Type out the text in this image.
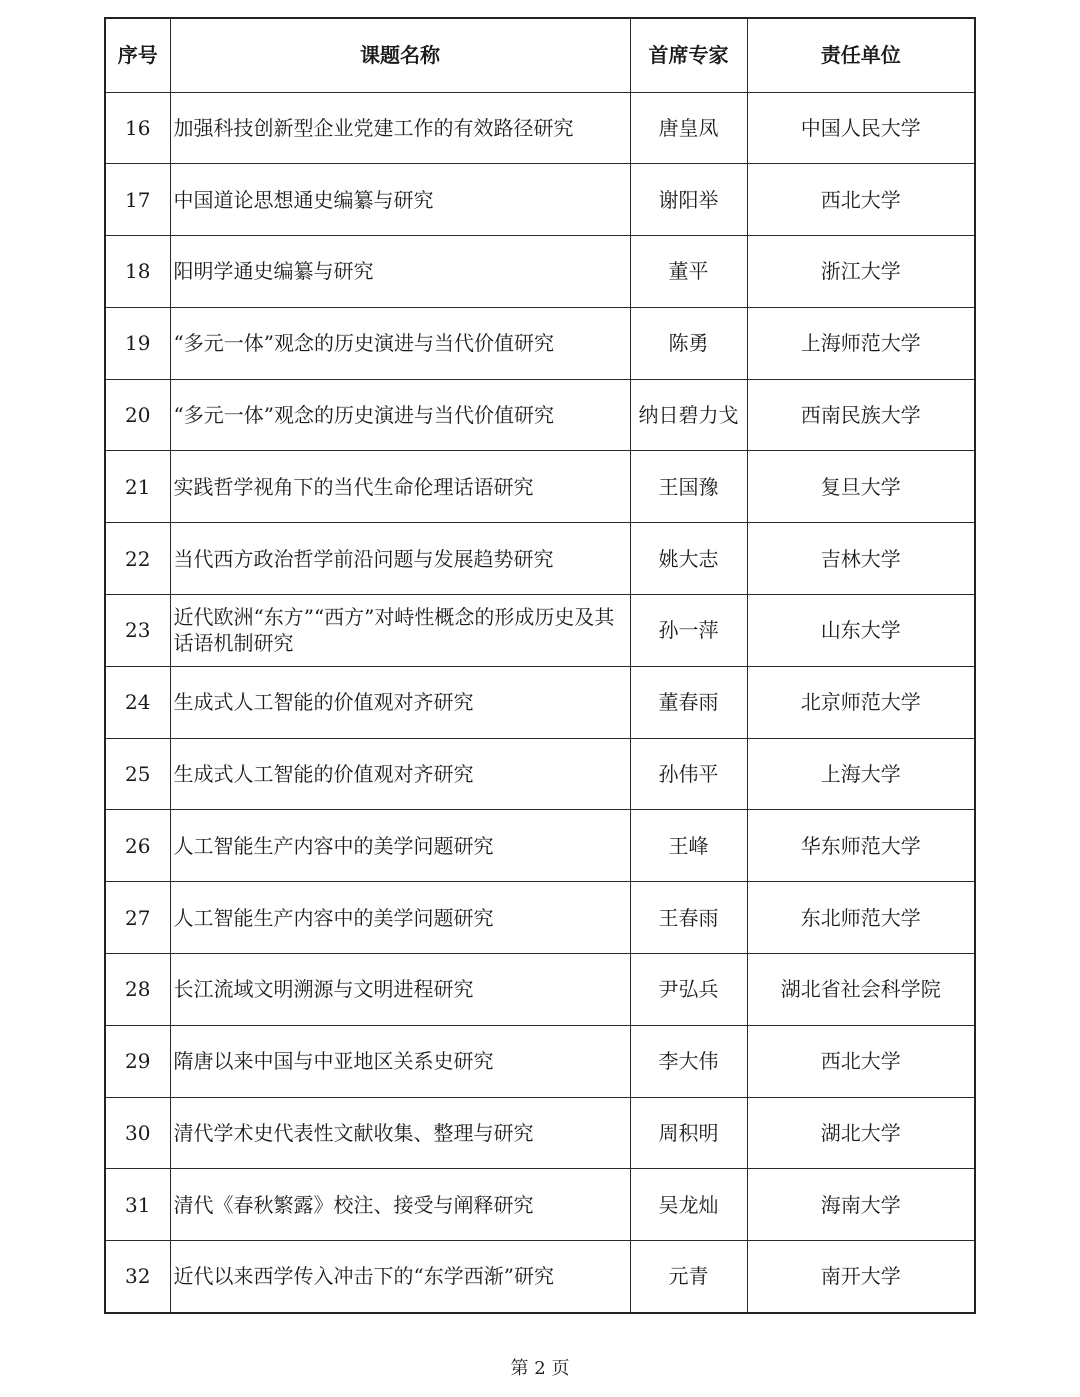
序号	课题名称	首席专家	责任单位
16	加强科技创新型企业党建工作的有效路径研究	唐皇凤	中国人民大学
17	中国道论思想通史编纂与研究	谢阳举	西北大学
18	阳明学通史编纂与研究	董平	浙江大学
19	“多元一体”观念的历史演进与当代价值研究	陈勇	上海师范大学
20	“多元一体”观念的历史演进与当代价值研究	纳日碧力戈	西南民族大学
21	实践哲学视角下的当代生命伦理话语研究	王国豫	复旦大学
22	当代西方政治哲学前沿问题与发展趋势研究	姚大志	吉林大学
23	近代欧洲“东方”“西方”对峙性概念的形成历史及其话语机制研究	孙一萍	山东大学
24	生成式人工智能的价值观对齐研究	董春雨	北京师范大学
25	生成式人工智能的价值观对齐研究	孙伟平	上海大学
26	人工智能生产内容中的美学问题研究	王峰	华东师范大学
27	人工智能生产内容中的美学问题研究	王春雨	东北师范大学
28	长江流域文明溯源与文明进程研究	尹弘兵	湖北省社会科学院
29	隋唐以来中国与中亚地区关系史研究	李大伟	西北大学
30	清代学术史代表性文献收集、整理与研究	周积明	湖北大学
31	清代《春秋繁露》校注、接受与阐释研究	吴龙灿	海南大学
32	近代以来西学传入冲击下的“东学西渐”研究	元青	南开大学
第 2 页
